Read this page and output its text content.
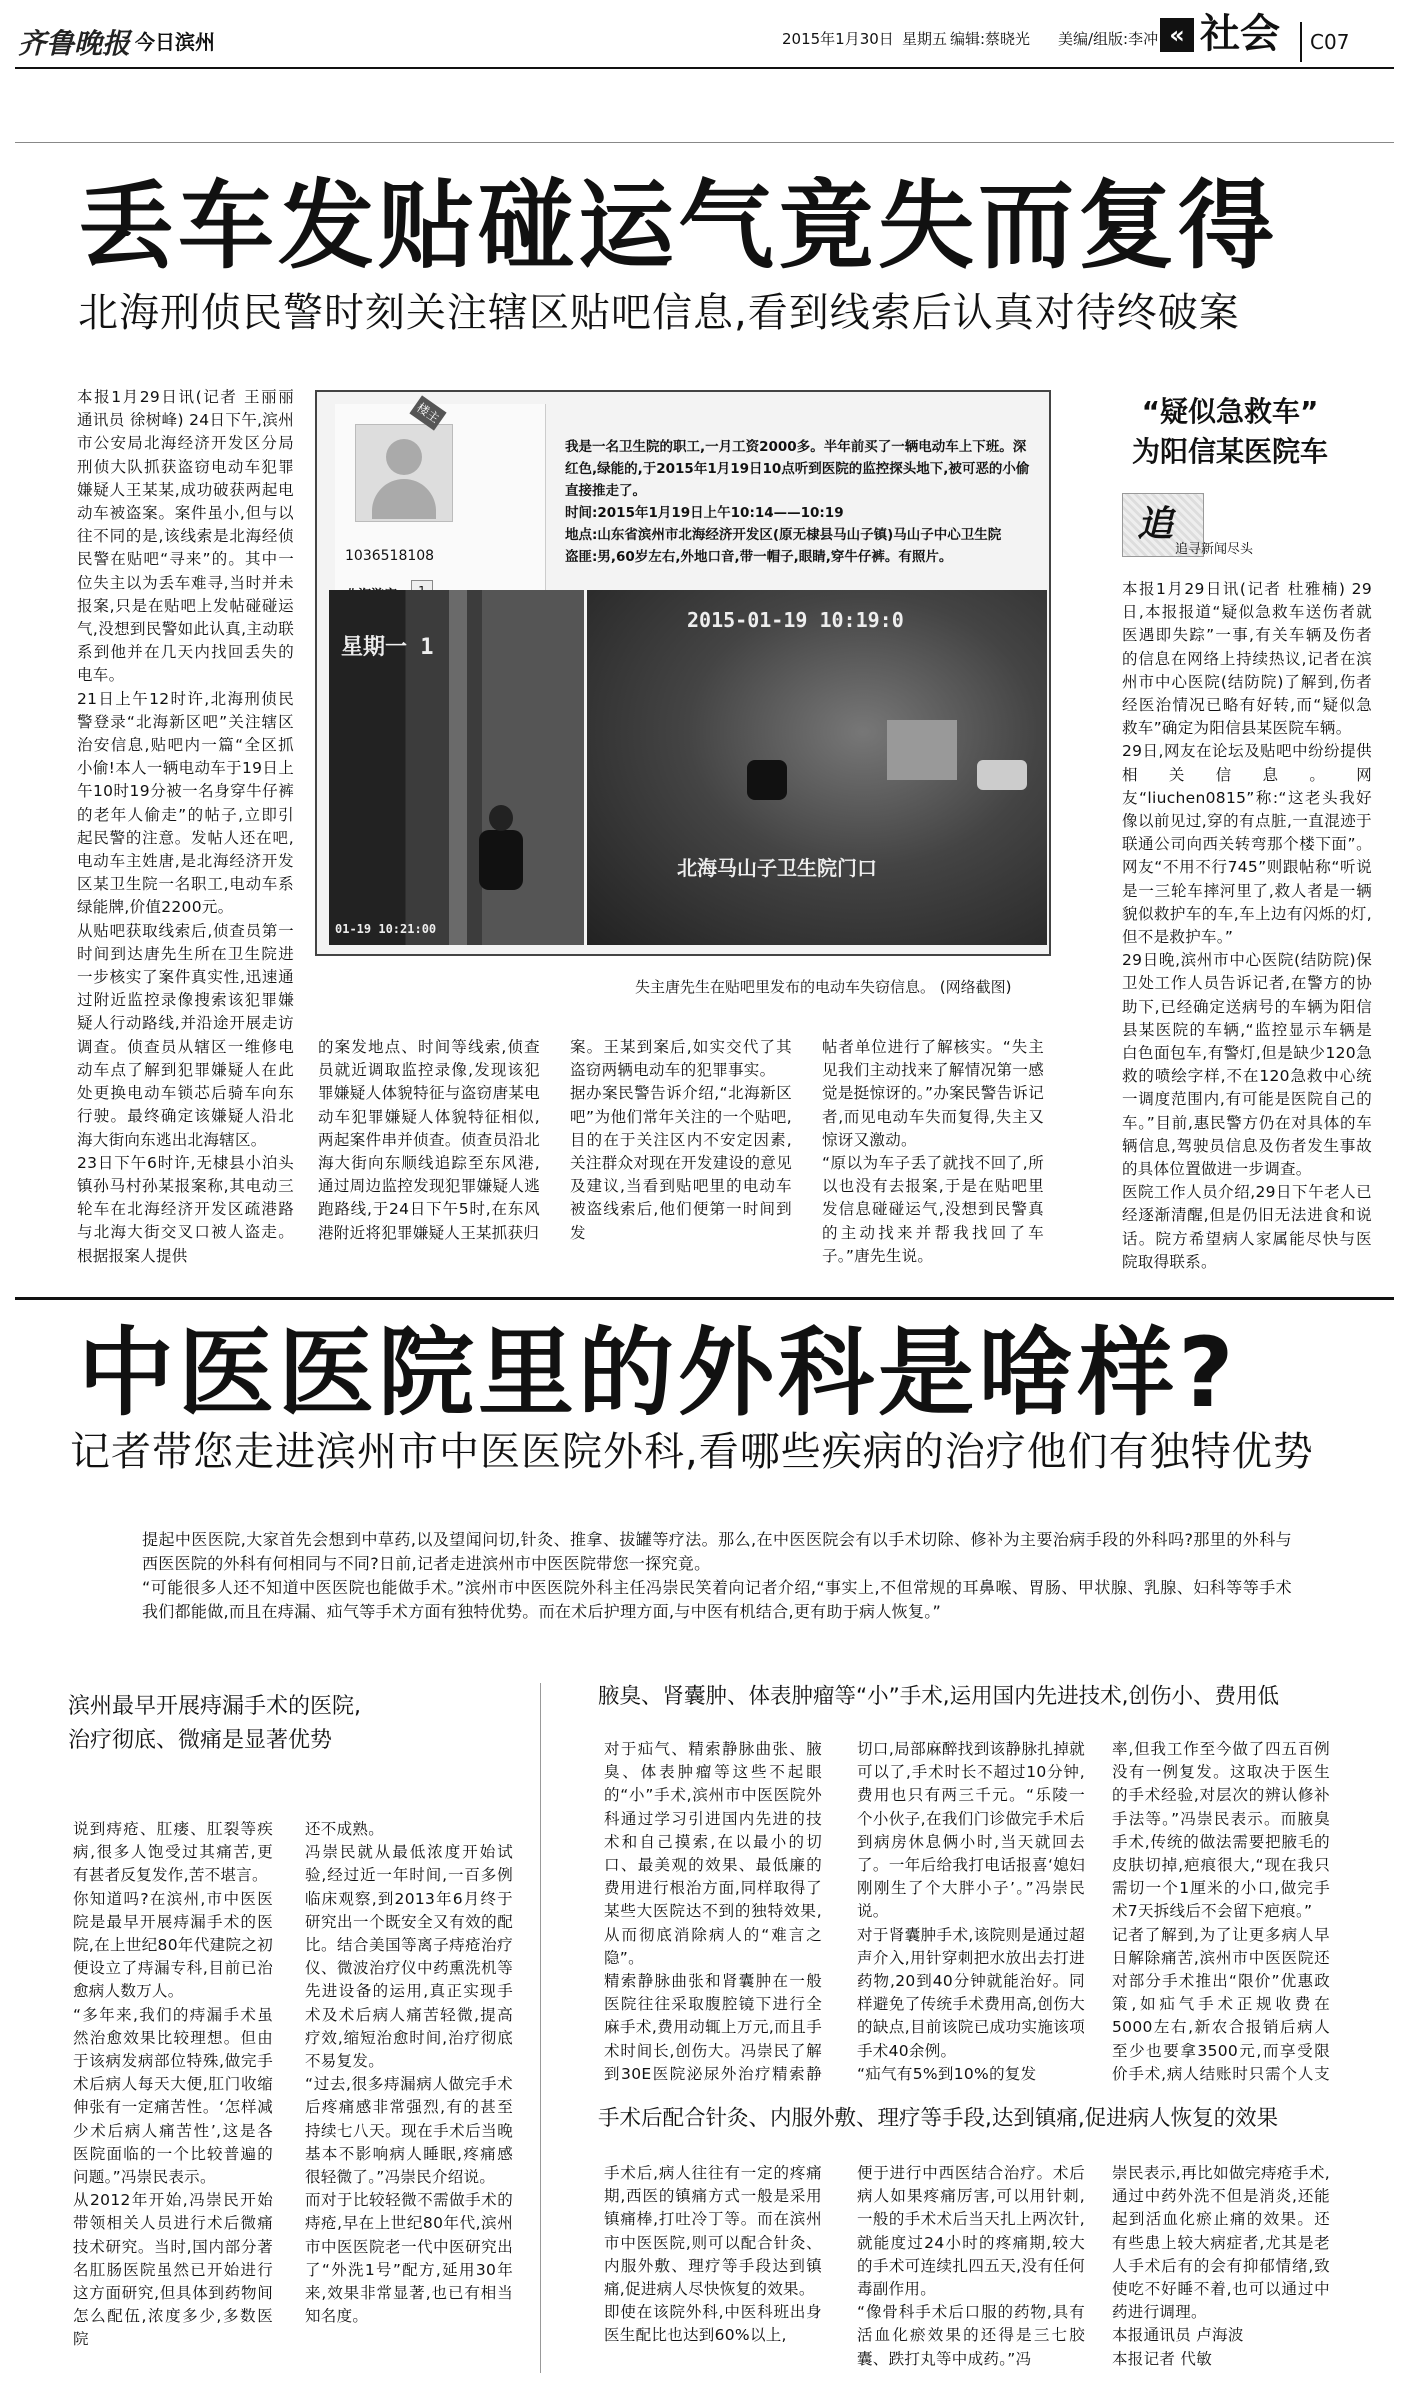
齐鲁晚报 今日滨州	2015年1月30日 星期五 编辑:蔡晓光 美编/组版:李冲 « 社会 C07
丢车发贴碰运气竟失而复得
北海刑侦民警时刻关注辖区贴吧信息,看到线索后认真对待终破案
本报1月29日讯(记者 王丽丽 通讯员 徐树峰) 24日下午,滨州市公安局北海经济开发区分局刑侦大队抓获盗窃电动车犯罪嫌疑人王某某,成功破获两起电动车被盗案。案件虽小,但与以往不同的是,该线索是北海经侦民警在贴吧“寻来”的。其中一位失主以为丢车难寻,当时并未报案,只是在贴吧上发帖碰碰运气,没想到民警如此认真,主动联系到他并在几天内找回丢失的电车。
21日上午12时许,北海刑侦民警登录“北海新区吧”关注辖区治安信息,贴吧内一篇“全区抓小偷!本人一辆电动车于19日上午10时19分被一名身穿牛仔裤的老年人偷走”的帖子,立即引起民警的注意。发帖人还在吧,电动车主姓唐,是北海经济开发区某卫生院一名职工,电动车系绿能牌,价值2200元。
从贴吧获取线索后,侦查员第一时间到达唐先生所在卫生院进一步核实了案件真实性,迅速通过附近监控录像搜索该犯罪嫌疑人行动路线,并沿途开展走访调查。侦查员从辖区一维修电动车点了解到犯罪嫌疑人在此处更换电动车锁芯后骑车向东行驶。最终确定该嫌疑人沿北海大街向东逃出北海辖区。
23日下午6时许,无棣县小泊头镇孙马村孙某报案称,其电动三轮车在北海经济开发区疏港路与北海大街交叉口被人盗走。根据报案人提供
1036518108
楼主
我是一名卫生院的职工,一月工资2000多。半年前买了一辆电动车上下班。深红色,绿能的,于2015年1月19日10点听到医院的监控探头地下,被可恶的小偷直接推走了。
时间:2015年1月19日上午10:14——10:19
地点:山东省滨州市北海经济开发区(原无棣县马山子镇)马山子中心卫生院
盗匪:男,60岁左右,外地口音,带一帽子,眼睛,穿牛仔裤。有照片。
星期一 1
01-19 10:21:00
2015-01-19 10:19:0
北海马山子卫生院门口
失主唐先生在贴吧里发布的电动车失窃信息。 (网络截图)
的案发地点、时间等线索,侦查员就近调取监控录像,发现该犯罪嫌疑人体貌特征与盗窃唐某电动车犯罪嫌疑人体貌特征相似,两起案件串并侦查。侦查员沿北海大街向东顺线追踪至东风港,通过周边监控发现犯罪嫌疑人逃跑路线,于24日下午5时,在东风港附近将犯罪嫌疑人王某抓获归
案。王某到案后,如实交代了其盗窃两辆电动车的犯罪事实。
据办案民警告诉介绍,“北海新区吧”为他们常年关注的一个贴吧,目的在于关注区内不安定因素,关注群众对现在开发建设的意见及建议,当看到贴吧里的电动车被盗线索后,他们便第一时间到发
帖者单位进行了解核实。“失主见我们主动找来了解情况第一感觉是挺惊讶的。”办案民警告诉记者,而见电动车失而复得,失主又惊讶又激动。
“原以为车子丢了就找不回了,所以也没有去报案,于是在贴吧里发信息碰碰运气,没想到民警真的主动找来并帮我找回了车子。”唐先生说。
“疑似急救车”
为阳信某医院车
追
追寻新闻尽头
本报1月29日讯(记者 杜雅楠) 29日,本报报道“疑似急救车送伤者就医遇即失踪”一事,有关车辆及伤者的信息在网络上持续热议,记者在滨州市中心医院(结防院)了解到,伤者经医治情况已略有好转,而“疑似急救车”确定为阳信县某医院车辆。
29日,网友在论坛及贴吧中纷纷提供相关信息。网友“liuchen0815”称:“这老头我好像以前见过,穿的有点脏,一直混迹于联通公司向西关转弯那个楼下面”。网友“不用不行745”则跟帖称“听说是一三轮车摔河里了,救人者是一辆貌似救护车的车,车上边有闪烁的灯,但不是救护车。”
29日晚,滨州市中心医院(结防院)保卫处工作人员告诉记者,在警方的协助下,已经确定送病号的车辆为阳信县某医院的车辆,“监控显示车辆是白色面包车,有警灯,但是缺少120急救的喷绘字样,不在120急救中心统一调度范围内,有可能是医院自己的车。”目前,惠民警方仍在对具体的车辆信息,驾驶员信息及伤者发生事故的具体位置做进一步调查。
医院工作人员介绍,29日下午老人已经逐渐清醒,但是仍旧无法进食和说话。院方希望病人家属能尽快与医院取得联系。
中医医院里的外科是啥样?
记者带您走进滨州市中医医院外科,看哪些疾病的治疗他们有独特优势
提起中医医院,大家首先会想到中草药,以及望闻问切,针灸、推拿、拔罐等疗法。那么,在中医医院会有以手术切除、修补为主要治病手段的外科吗?那里的外科与西医医院的外科有何相同与不同?日前,记者走进滨州市中医医院带您一探究竟。
“可能很多人还不知道中医医院也能做手术。”滨州市中医医院外科主任冯崇民笑着向记者介绍,“事实上,不但常规的耳鼻喉、胃肠、甲状腺、乳腺、妇科等等手术我们都能做,而且在痔漏、疝气等手术方面有独特优势。而在术后护理方面,与中医有机结合,更有助于病人恢复。”
滨州最早开展痔漏手术的医院,
治疗彻底、微痛是显著优势
说到痔疮、肛瘘、肛裂等疾病,很多人饱受过其痛苦,更有甚者反复发作,苦不堪言。
你知道吗?在滨州,市中医医院是最早开展痔漏手术的医院,在上世纪80年代建院之初便设立了痔漏专科,目前已治愈病人数万人。
“多年来,我们的痔漏手术虽然治愈效果比较理想。但由于该病发病部位特殊,做完手术后病人每天大便,肛门收缩伸张有一定痛苦性。‘怎样减少术后病人痛苦性’,这是各医院面临的一个比较普遍的问题。”冯崇民表示。
从2012年开始,冯崇民开始带领相关人员进行术后微痛技术研究。当时,国内部分著名肛肠医院虽然已开始进行这方面研究,但具体到药物间怎么配伍,浓度多少,多数医院
还不成熟。
冯崇民就从最低浓度开始试验,经过近一年时间,一百多例临床观察,到2013年6月终于研究出一个既安全又有效的配比。结合美国等离子痔疮治疗仪、微波治疗仪中药熏洗机等先进设备的运用,真正实现手术及术后病人痛苦轻微,提高疗效,缩短治愈时间,治疗彻底不易复发。
“过去,很多痔漏病人做完手术后疼痛感非常强烈,有的甚至持续七八天。现在手术后当晚基本不影响病人睡眠,疼痛感很轻微了。”冯崇民介绍说。
而对于比较轻微不需做手术的痔疮,早在上世纪80年代,滨州市中医医院老一代中医研究出了“外洗1号”配方,延用30年来,效果非常显著,也已有相当知名度。
腋臭、肾囊肿、体表肿瘤等“小”手术,运用国内先进技术,创伤小、费用低
对于疝气、精索静脉曲张、腋臭、体表肿瘤等这些不起眼的“小”手术,滨州市中医医院外科通过学习引进国内先进的技术和自己摸索,在以最小的切口、最美观的效果、最低廉的费用进行根治方面,同样取得了某些大医院达不到的独特效果,从而彻底消除病人的“难言之隐”。
精索静脉曲张和肾囊肿在一般医院往往采取腹腔镜下进行全麻手术,费用动辄上万元,而且手术时间长,创伤大。冯崇民了解到30E医院泌尿外治疗精索静
切口,局部麻醉找到该静脉扎掉就可以了,手术时长不超过10分钟,费用也只有两三千元。“乐陵一个小伙子,在我们门诊做完手术后到病房休息俩小时,当天就回去了。一年后给我打电话报喜‘媳妇刚刚生了个大胖小子’。”冯崇民说。
对于肾囊肿手术,该院则是通过超声介入,用针穿刺把水放出去打进药物,20到40分钟就能治好。同样避免了传统手术费用高,创伤大的缺点,目前该院已成功实施该项手术40余例。
“疝气有5%到10%的复发
率,但我工作至今做了四五百例没有一例复发。这取决于医生的手术经验,对层次的辨认修补手法等。”冯崇民表示。而腋臭手术,传统的做法需要把腋毛的皮肤切掉,疤痕很大,“现在我只需切一个1厘米的小口,做完手术7天拆线后不会留下疤痕。”
记者了解到,为了让更多病人早日解除痛苦,滨州市中医医院还对部分手术推出“限价”优惠政策,如疝气手术正规收费在5000左右,新农合报销后病人至少也要拿3500元,而享受限价手术,病人结账时只需个人支
手术后配合针灸、内服外敷、理疗等手段,达到镇痛,促进病人恢复的效果
手术后,病人往往有一定的疼痛期,西医的镇痛方式一般是采用镇痛棒,打吐冷丁等。而在滨州市中医医院,则可以配合针灸、内服外敷、理疗等手段达到镇痛,促进病人尽快恢复的效果。
即使在该院外科,中医科班出身医生配比也达到60%以上,
便于进行中西医结合治疗。术后病人如果疼痛厉害,可以用针刺,一般的手术术后当天扎上两次针,就能度过24小时的疼痛期,较大的手术可连续扎四五天,没有任何毒副作用。
“像骨科手术后口服的药物,具有活血化瘀效果的还得是三七胶囊、跌打丸等中成药。”冯
崇民表示,再比如做完痔疮手术,通过中药外洗不但是消炎,还能起到活血化瘀止痛的效果。还有些患上较大病症者,尤其是老人手术后有的会有抑郁情绪,致使吃不好睡不着,也可以通过中药进行调理。
本报通讯员 卢海波
本报记者 代敏
